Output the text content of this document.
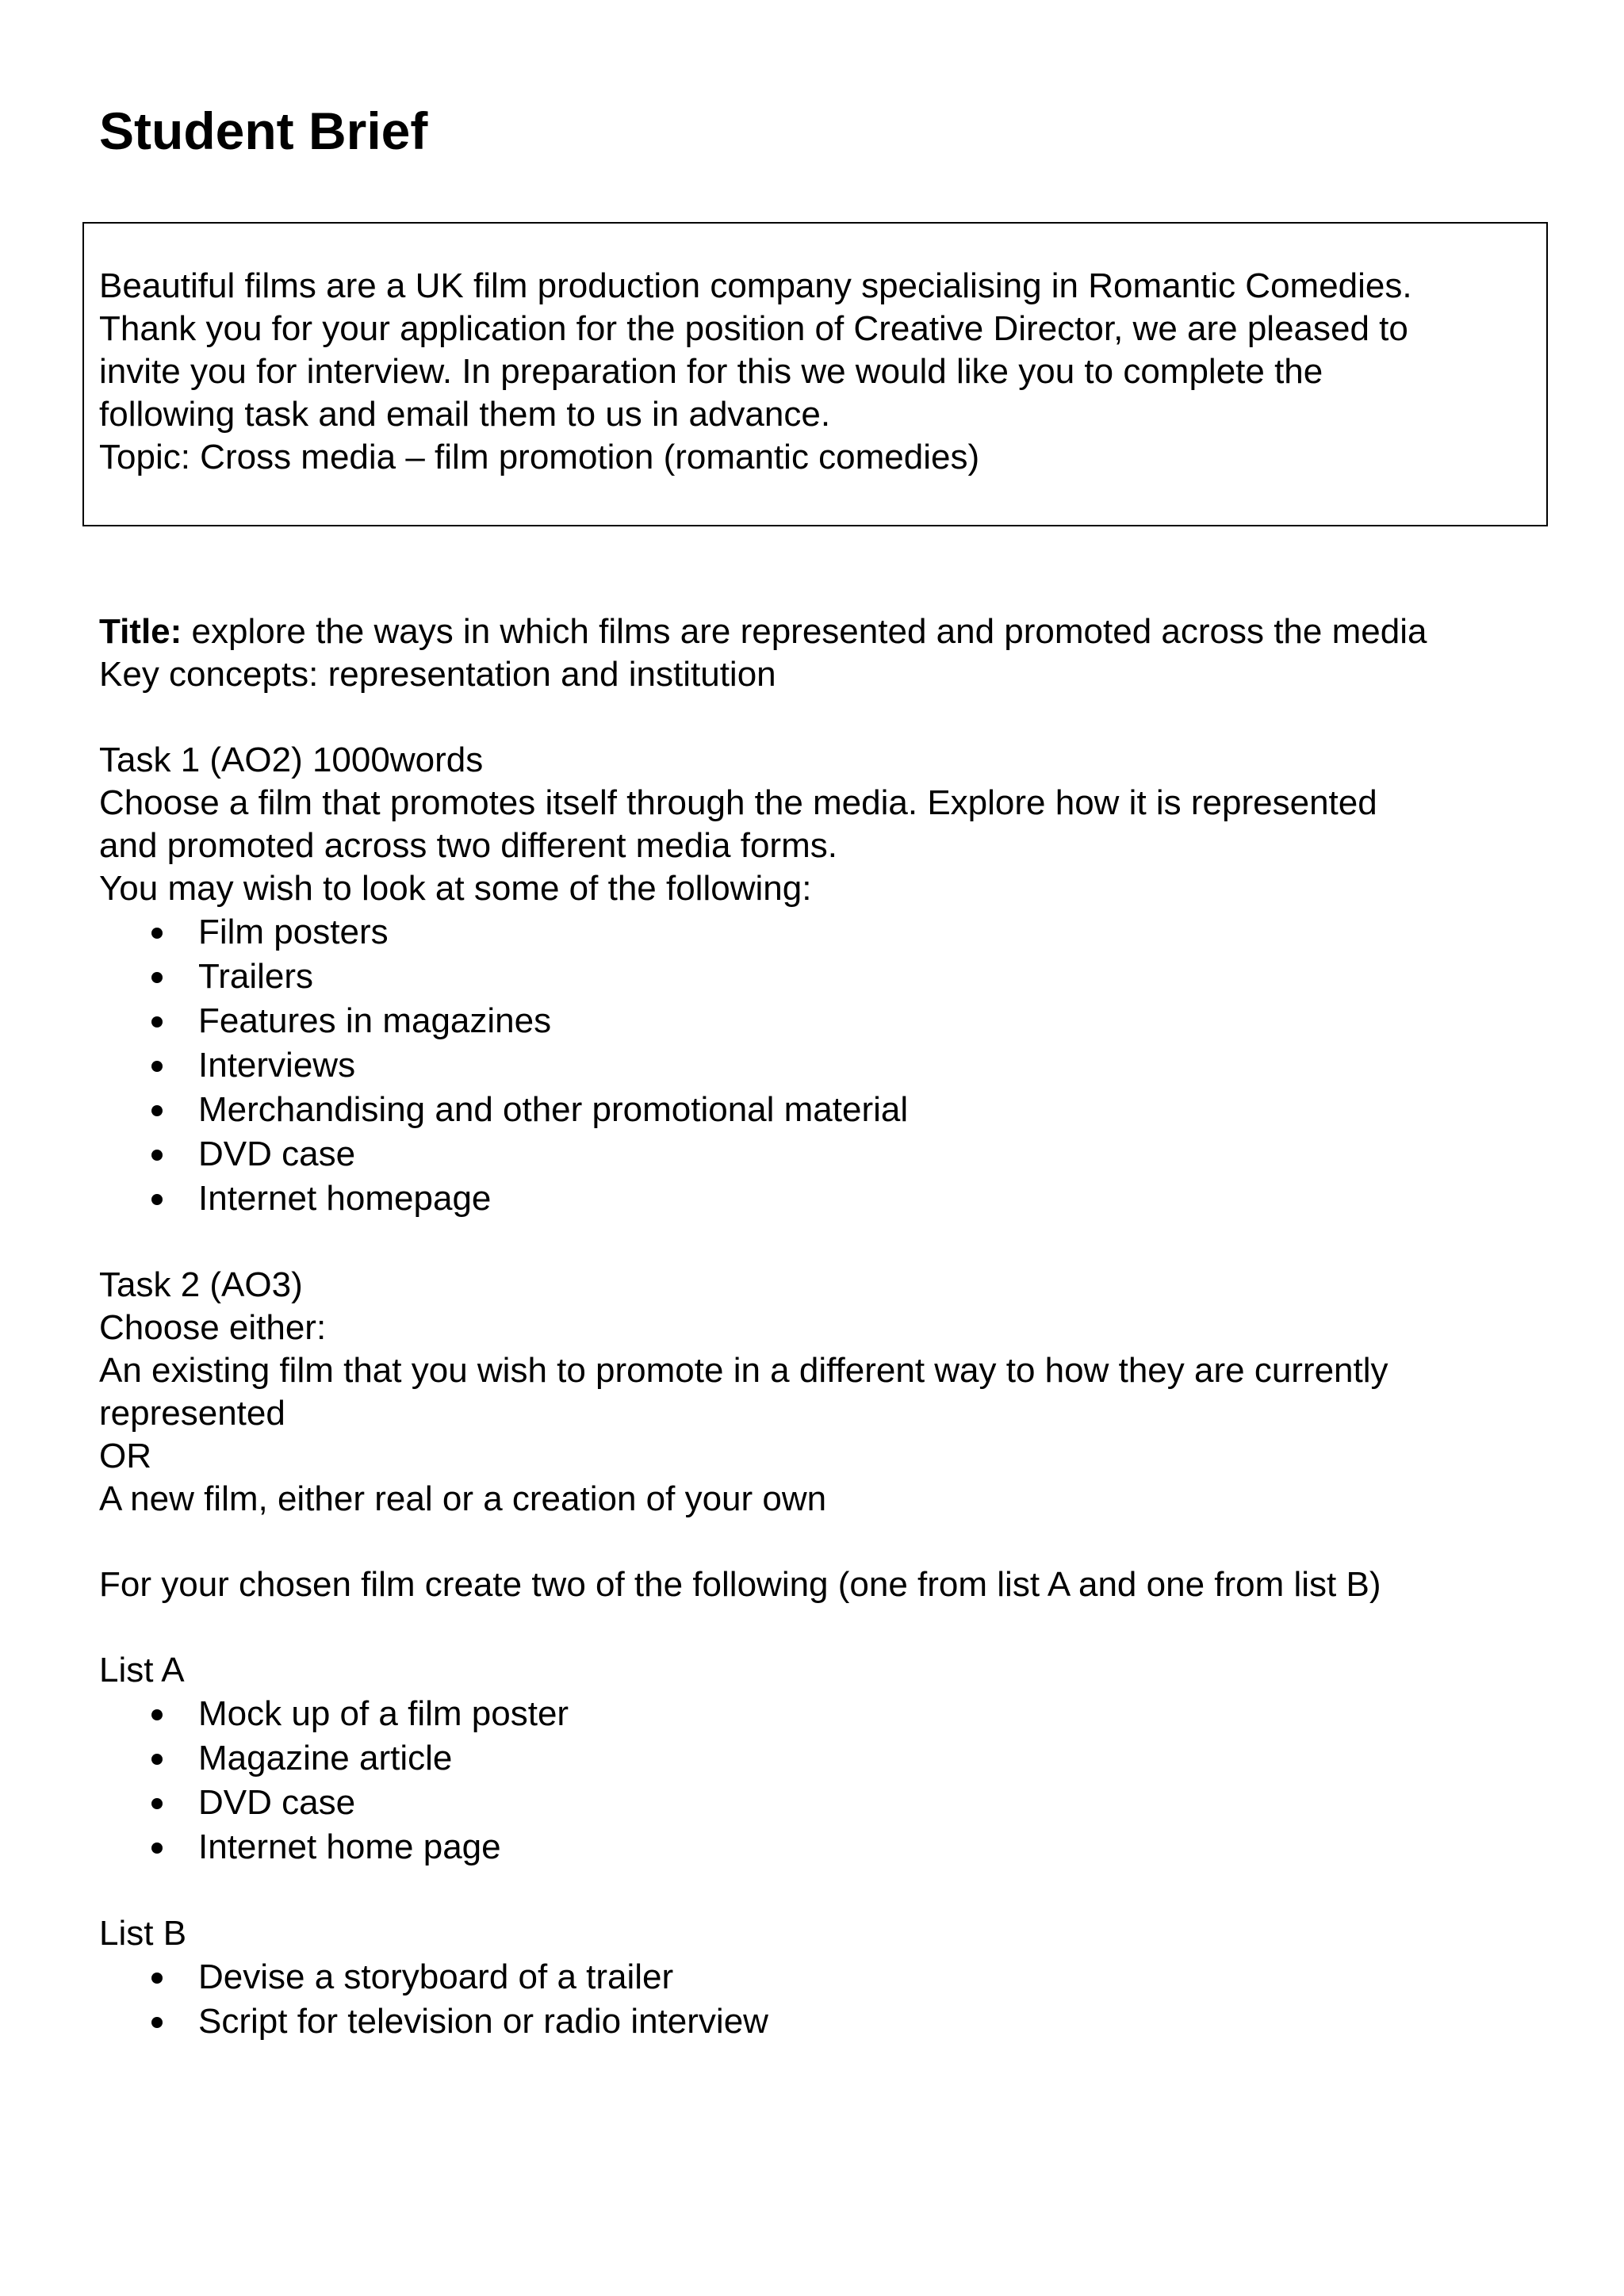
Student Brief

Beautiful films are a UK film production company specialising in Romantic Comedies.
Thank you for your application for the position of Creative Director, we are pleased to
invite you for interview. In preparation for this we would like you to complete the
following task and email them to us in advance.
Topic: Cross media – film promotion (romantic comedies)

Title: explore the ways in which films are represented and promoted across the media

Key concepts: representation and institution

Task 1 (AO2) 1000words

Choose a film that promotes itself through the media. Explore how it is represented

and promoted across two different media forms.

You may wish to look at some of the following:

Film posters
Trailers
Features in magazines
Interviews
Merchandising and other promotional material
DVD case
Internet homepage

Task 2 (AO3)

Choose either:

An existing film that you wish to promote in a different way to how they are currently

represented

OR

A new film, either real or a creation of your own

For your chosen film create two of the following (one from list A and one from list B)

List A

Mock up of a film poster
Magazine article
DVD case
Internet home page

List B

Devise a storyboard of a trailer
Script for television or radio interview
